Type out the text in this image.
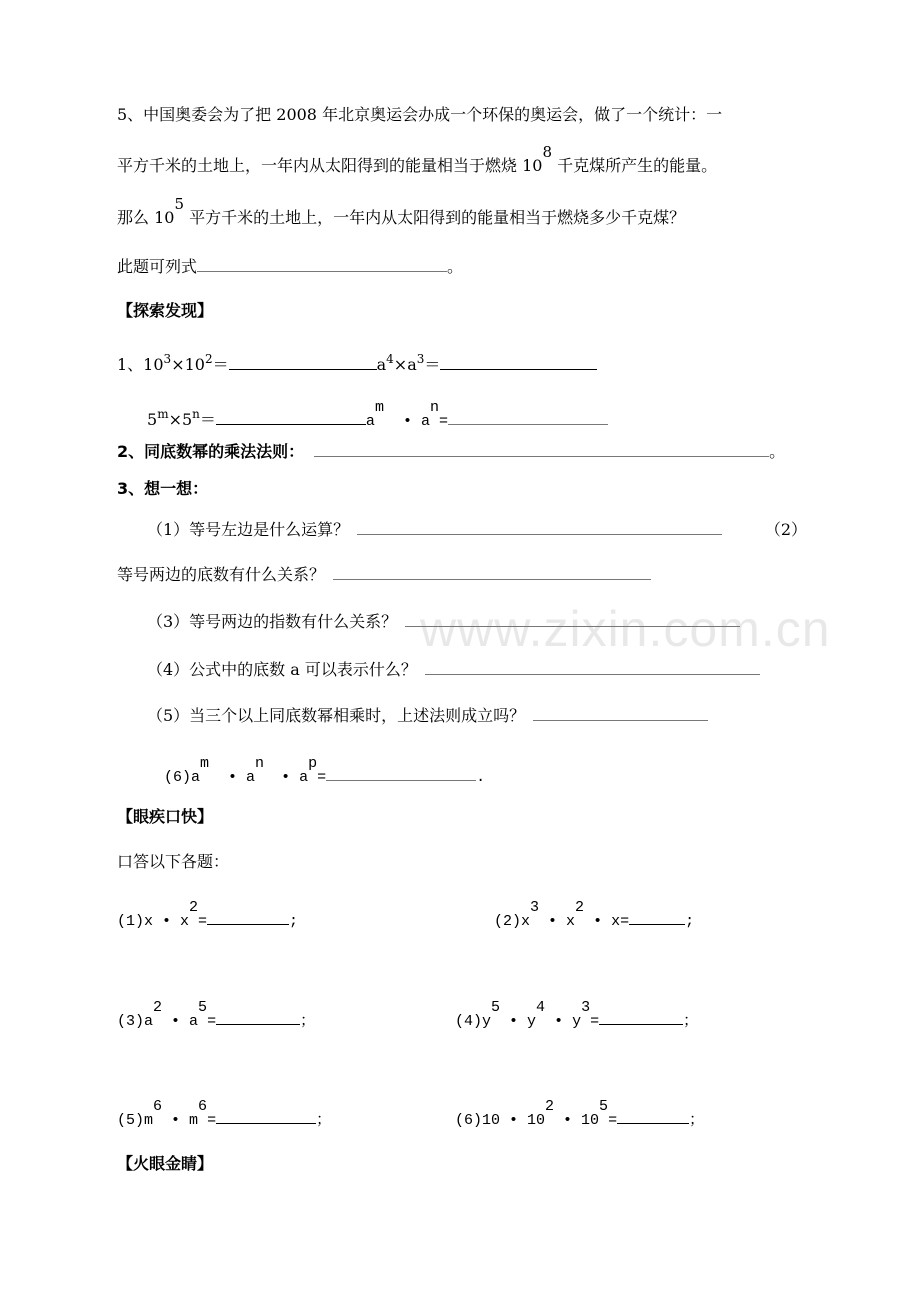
www.zixin.com.cn
5、中国奥委会为了把 2008 年北京奥运会办成一个环保的奥运会，做了一个统计：一
平方千米的土地上，一年内从太阳得到的能量相当于燃烧 108 千克煤所产生的能量。
那么 105 平方千米的土地上，一年内从太阳得到的能量相当于燃烧多少千克煤？
此题可列式	。
【探索发现】
1、$10^3\times 10^2=$	$a^4\times a^3=$
$5^m\times 5^n=$	am • an=
2、同底数幂的乘法法则：	。
3、想一想：
（1）等号左边是什么运算？	（2）
等号两边的底数有什么关系？
（3）等号两边的指数有什么关系？
（4）公式中的底数 a 可以表示什么？
（5）当三个以上同底数幂相乘时，上述法则成立吗？
(6)am • an • ap=	.
【眼疾口快】
口答以下各题：
(1)x • x2=	;	(2)x3 • x2 • x=	;
(3)a2 • a5=	；	(4)y5 • y4 • y3=	；
(5)m6 • m6=	；	(6)10 • 102 • 105=	；
【火眼金睛】
